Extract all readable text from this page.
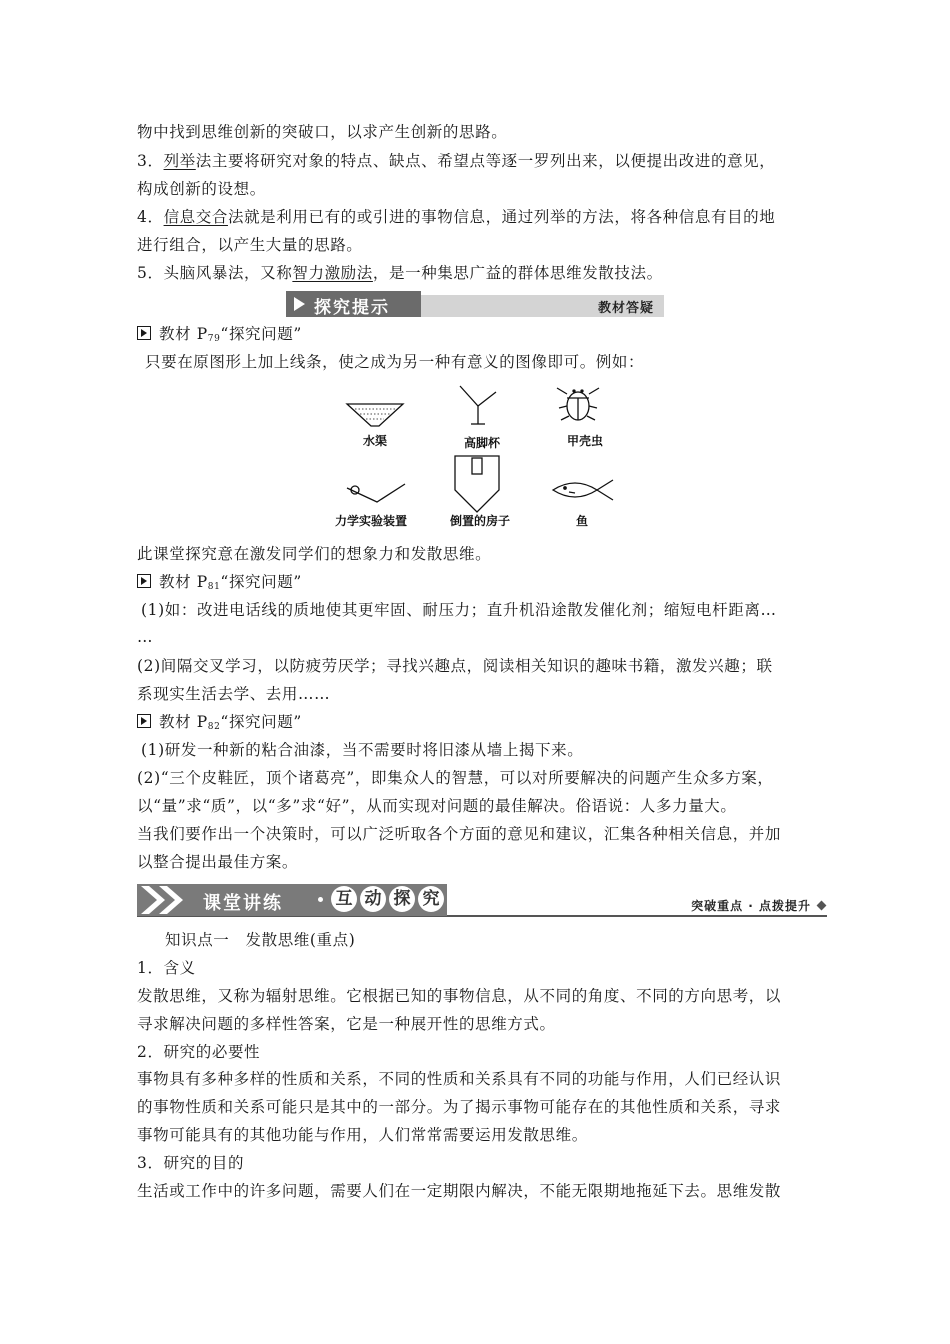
物中找到思维创新的突破口，以求产生创新的思路。
3．列举法主要将研究对象的特点、缺点、希望点等逐一罗列出来，以便提出改进的意见，
构成创新的设想。
4．信息交合法就是利用已有的或引进的事物信息，通过列举的方法，将各种信息有目的地
进行组合，以产生大量的思路。
5．头脑风暴法，又称智力激励法，是一种集思广益的群体思维发散技法。
探究提示	教材答疑
教材 $P_{79}“$探究问题”
只要在原图形上加上线条，使之成为另一种有意义的图像即可。例如：
水渠	高脚杯	甲壳虫
力学实验装置	倒置的房子	鱼
此课堂探究意在激发同学们的想象力和发散思维。
教材 $P_{81}“$探究问题”
(1)如：改进电话线的质地使其更牢固、耐压力；直升机沿途散发催化剂；缩短电杆距离…
…
(2)间隔交叉学习，以防疲劳厌学；寻找兴趣点，阅读相关知识的趣味书籍，激发兴趣；联
系现实生活去学、去用……
教材 $P_{82}“$探究问题”
(1)研发一种新的粘合油漆，当不需要时将旧漆从墙上揭下来。
(2)“三个皮鞋匠，顶个诸葛亮”，即集众人的智慧，可以对所要解决的问题产生众多方案，
以“量”求“质”，以“多”求“好”，从而实现对问题的最佳解决。俗语说：人多力量大。
当我们要作出一个决策时，可以广泛听取各个方面的意见和建议，汇集各种相关信息，并加
以整合提出最佳方案。
课堂讲练	互 动 探 究	突破重点 · 点拨提升
知识点一　发散思维(重点)
1．含义
发散思维，又称为辐射思维。它根据已知的事物信息，从不同的角度、不同的方向思考，以
寻求解决问题的多样性答案，它是一种展开性的思维方式。
2．研究的必要性
事物具有多种多样的性质和关系，不同的性质和关系具有不同的功能与作用，人们已经认识
的事物性质和关系可能只是其中的一部分。为了揭示事物可能存在的其他性质和关系，寻求
事物可能具有的其他功能与作用，人们常常需要运用发散思维。
3．研究的目的
生活或工作中的许多问题，需要人们在一定期限内解决，不能无限期地拖延下去。思维发散
